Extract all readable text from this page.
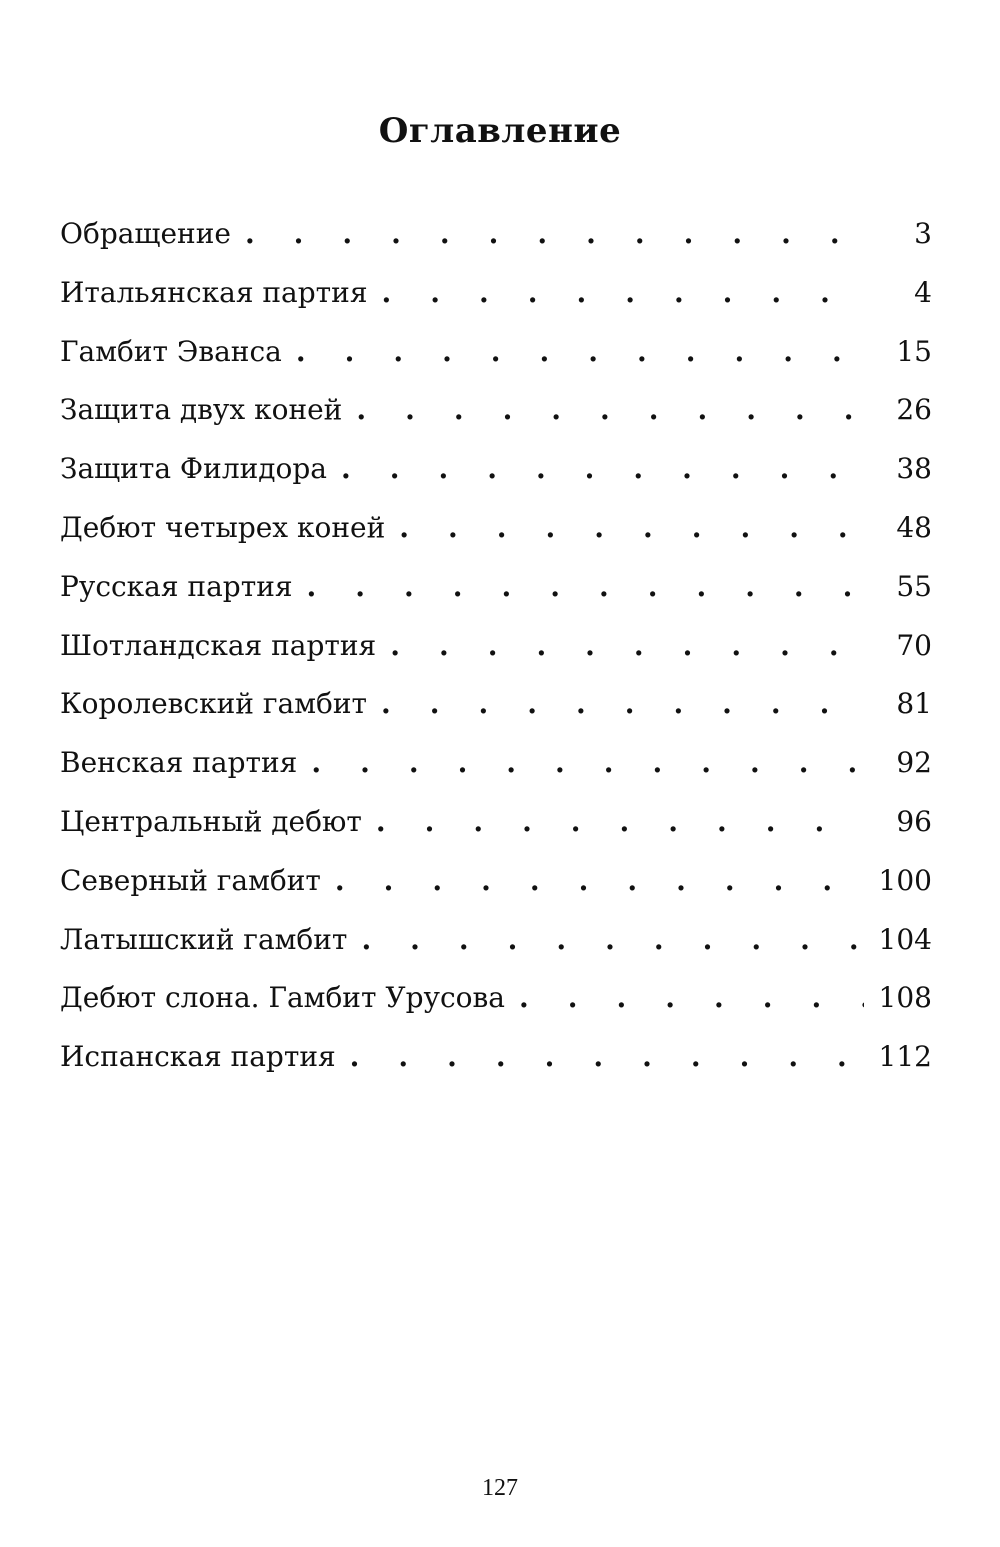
Оглавление
Обращение .	3
Итальянская партия .	4
Гамбит Эванса .	15
Защита двух коней .	26
Защита Филидора .	38
Дебют четырех коней .	48
Русская партия .	55
Шотландская партия .	70
Королевский гамбит .	81
Венская партия .	92
Центральный дебют .	96
Северный гамбит .	100
Латышский гамбит .	104
Дебют слона. Гамбит Урусова .	108
Испанская партия .	112
127
